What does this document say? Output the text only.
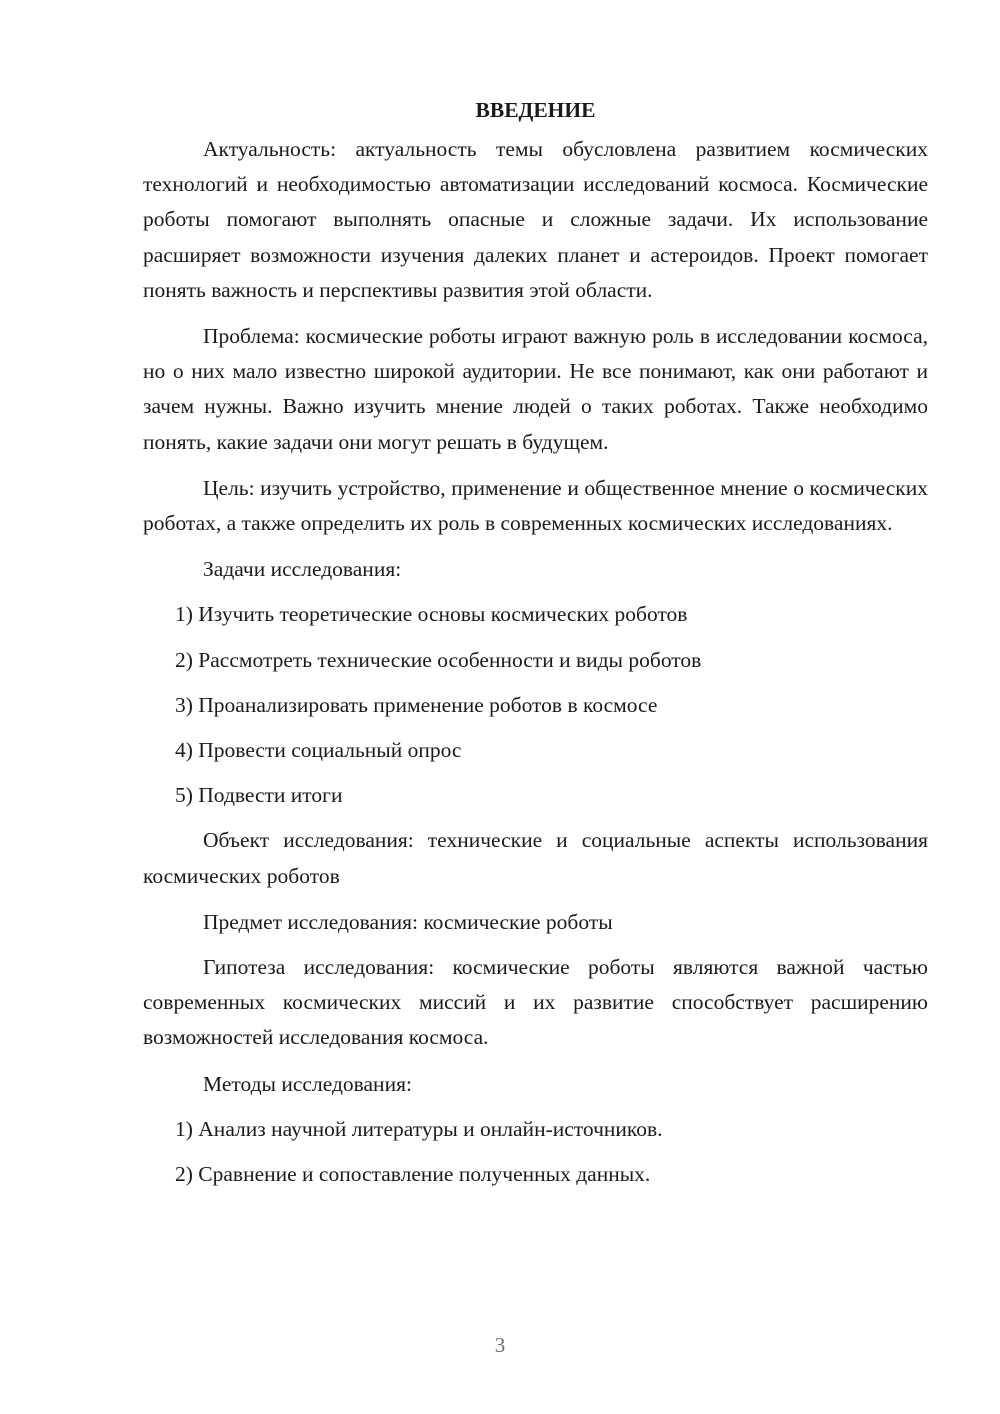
ВВЕДЕНИЕ

Актуальность: актуальность темы обусловлена развитием космических технологий и необходимостью автоматизации исследований космоса. Космические роботы помогают выполнять опасные и сложные задачи. Их использование расширяет возможности изучения далеких планет и астероидов. Проект помогает понять важность и перспективы развития этой области.

Проблема: космические роботы играют важную роль в исследовании космоса, но о них мало известно широкой аудитории. Не все понимают, как они работают и зачем нужны. Важно изучить мнение людей о таких роботах. Также необходимо понять, какие задачи они могут решать в будущем.

Цель: изучить устройство, применение и общественное мнение о космических роботах, а также определить их роль в современных космических исследованиях.

Задачи исследования:

1) Изучить теоретические основы космических роботов

2) Рассмотреть технические особенности и виды роботов

3) Проанализировать применение роботов в космосе

4) Провести социальный опрос

5) Подвести итоги

Объект исследования: технические и социальные аспекты использования космических роботов

Предмет исследования: космические роботы

Гипотеза исследования: космические роботы являются важной частью современных космических миссий и их развитие способствует расширению возможностей исследования космоса.

Методы исследования:

1) Анализ научной литературы и онлайн-источников.

2) Сравнение и сопоставление полученных данных.

3
